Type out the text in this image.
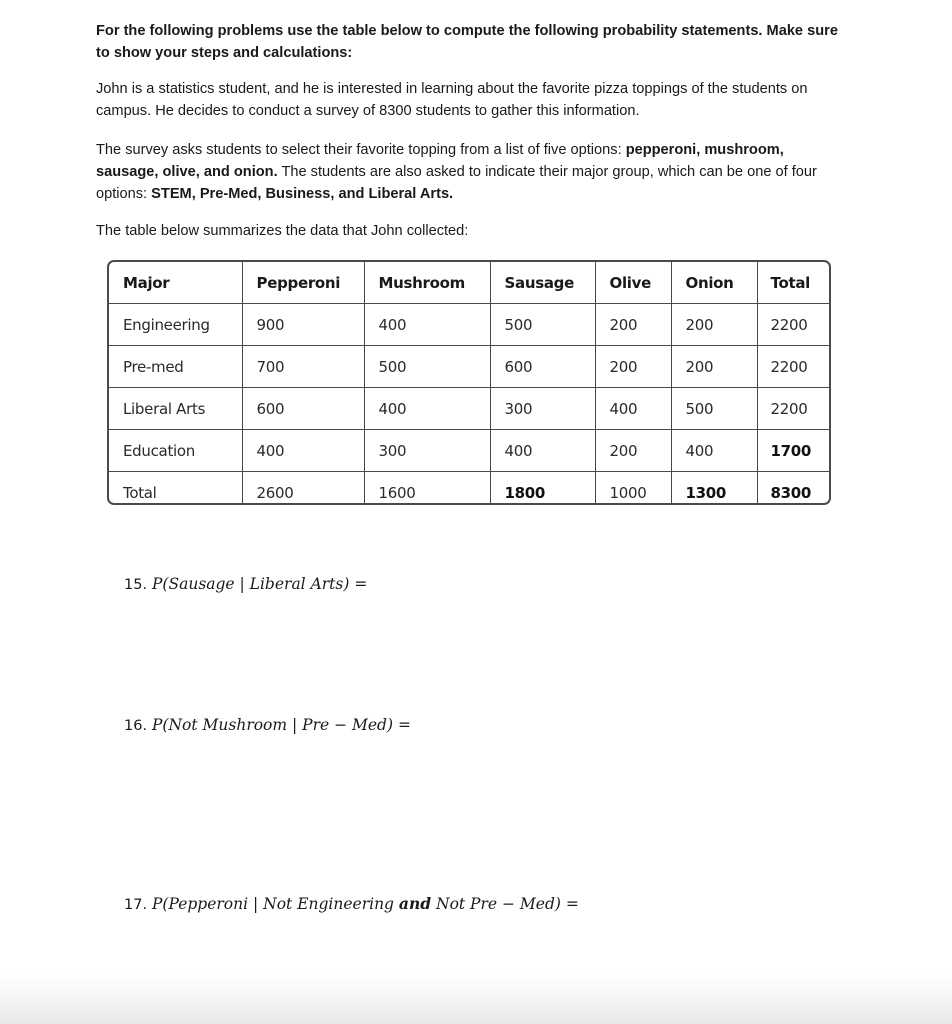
For the following problems use the table below to compute the following probability statements. Make sure to show your steps and calculations:
John is a statistics student, and he is interested in learning about the favorite pizza toppings of the students on campus. He decides to conduct a survey of 8300 students to gather this information.
The survey asks students to select their favorite topping from a list of five options: pepperoni, mushroom, sausage, olive, and onion. The students are also asked to indicate their major group, which can be one of four options: STEM, Pre-Med, Business, and Liberal Arts.
The table below summarizes the data that John collected:
Major	Pepperoni	Mushroom	Sausage	Olive	Onion	Total
Engineering	900	400	500	200	200	2200
Pre-med	700	500	600	200	200	2200
Liberal Arts	600	400	300	400	500	2200
Education	400	300	400	200	400	1700
Total	2600	1600	1800	1000	1300	8300
15. P(Sausage | Liberal Arts) =
16. P(Not Mushroom | Pre − Med) =
17. P(Pepperoni | Not Engineering and Not Pre − Med) =
